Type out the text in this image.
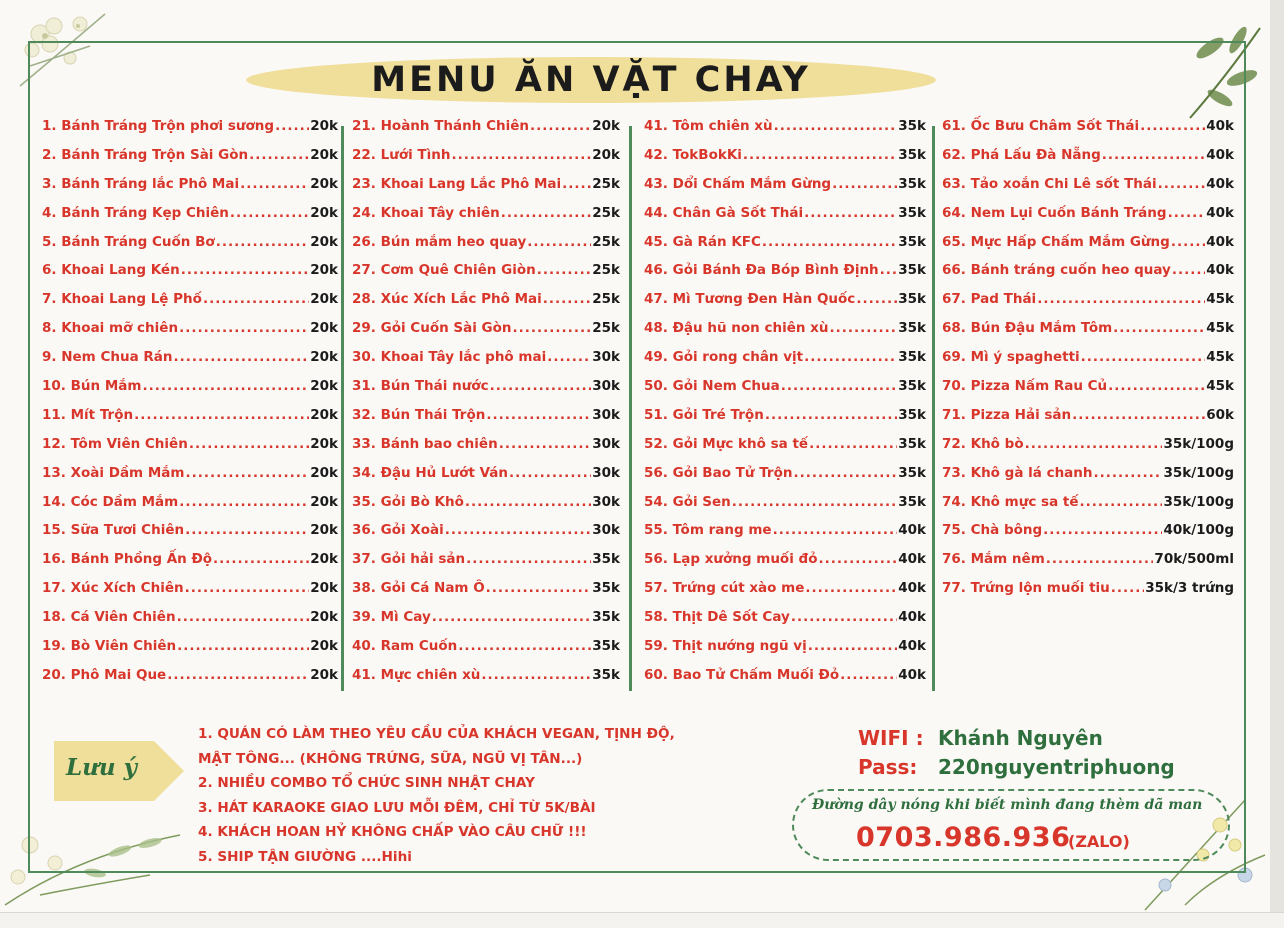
MENU ĂN VẶT CHAY
1. Bánh Tráng Trộn phơi sương .....	20k
2. Bánh Tráng Trộn Sài Gòn .....	20k
3. Bánh Tráng lắc Phô Mai .....	20k
4. Bánh Tráng Kẹp Chiên .....	20k
5. Bánh Tráng Cuốn Bơ .....	20k
6. Khoai Lang Kén .....	20k
7. Khoai Lang Lệ Phố .....	20k
8. Khoai mỡ chiên .....	20k
9. Nem Chua Rán .....	20k
10. Bún Mắm .....	20k
11. Mít Trộn .....	20k
12. Tôm Viên Chiên .....	20k
13. Xoài Dầm Mắm .....	20k
14. Cóc Dầm Mắm .....	20k
15. Sữa Tươi Chiên .....	20k
16. Bánh Phồng Ấn Độ .....	20k
17. Xúc Xích Chiên .....	20k
18. Cá Viên Chiên .....	20k
19. Bò Viên Chiên .....	20k
20. Phô Mai Que .....	20k
21. Hoành Thánh Chiên .....	20k
22. Lưới Tình .....	20k
23. Khoai Lang Lắc Phô Mai ..... 25k
24. Khoai Tây chiên .....	25k
26. Bún mắm heo quay .....	25k
27. Cơm Quê Chiên Giòn .....	25k
28. Xúc Xích Lắc Phô Mai .....	25k
29. Gỏi Cuốn Sài Gòn .....	25k
30. Khoai Tây lắc phô mai .....	30k
31. Bún Thái nước .....	30k
32. Bún Thái Trộn .....	30k
33. Bánh bao chiên .....	30k
34. Đậu Hủ Lướt Ván .....	30k
35. Gỏi Bò Khô .....	30k
36. Gỏi Xoài .....	30k
37. Gỏi hải sản .....	35k
38. Gỏi Cá Nam Ô .....	35k
39. Mì Cay .....	35k
40. Ram Cuốn .....	35k
41. Mực chiên xù .....	35k
41. Tôm chiên xù .....	35k
42. TokBokKi .....	35k
43. Dổi Chấm Mắm Gừng .....	35k
44. Chân Gà Sốt Thái .....	35k
45. Gà Rán KFC .....	35k
46. Gỏi Bánh Đa Bóp Bình Định ..... 35k
47. Mì Tương Đen Hàn Quốc .....	35k
48. Đậu hũ non chiên xù .....	35k
49. Gỏi rong chân vịt .....	35k
50. Gỏi Nem Chua .....	35k
51. Gỏi Tré Trộn .....	35k
52. Gỏi Mực khô sa tế .....	35k
56. Gỏi Bao Tử Trộn .....	35k
54. Gỏi Sen .....	35k
55. Tôm rang me .....	40k
56. Lạp xưởng muối đỏ .....	40k
57. Trứng cút xào me .....	40k
58. Thịt Dê Sốt Cay .....	40k
59. Thịt nướng ngũ vị .....	40k
60. Bao Tử Chấm Muối Đỏ .....	40k
61. Ốc Bưu Châm Sốt Thái .....	40k
62. Phá Lấu Đà Nẵng .....	40k
63. Tảo xoắn Chi Lê sốt Thái .....	40k
64. Nem Lụi Cuốn Bánh Tráng .....	40k
65. Mực Hấp Chấm Mắm Gừng .....	40k
66. Bánh tráng cuốn heo quay .....	40k
67. Pad Thái .....	45k
68. Bún Đậu Mắm Tôm .....	45k
69. Mì ý spaghetti .....	45k
70. Pizza Nấm Rau Củ .....	45k
71. Pizza Hải sản .....	60k
72. Khô bò .....	35k/100g
73. Khô gà lá chanh .....	35k/100g
74. Khô mực sa tế .....	35k/100g
75. Chà bông .....	40k/100g
76. Mắm nêm .....	70k/500ml
77. Trứng lộn muối tiu .....	35k/3 trứng
Lưu ý
1. QUÁN CÓ LÀM THEO YÊU CẦU CỦA KHÁCH VEGAN, TỊNH ĐỘ,
MẬT TÔNG... (KHÔNG TRỨNG, SỮA, NGŨ VỊ TÂN...)
2. NHIỀU COMBO TỔ CHỨC SINH NHẬT CHAY
3. HÁT KARAOKE GIAO LƯU MỖI ĐÊM, CHỈ TỪ 5K/BÀI
4. KHÁCH HOAN HỶ KHÔNG CHẤP VÀO CÂU CHỮ !!!
5. SHIP TẬN GIƯỜNG ....Hihi
WIFI : Khánh Nguyên
Pass: 220nguyentriphuong
Đường dây nóng khi biết mình đang thèm dã man
0703.986.936
(ZALO)
